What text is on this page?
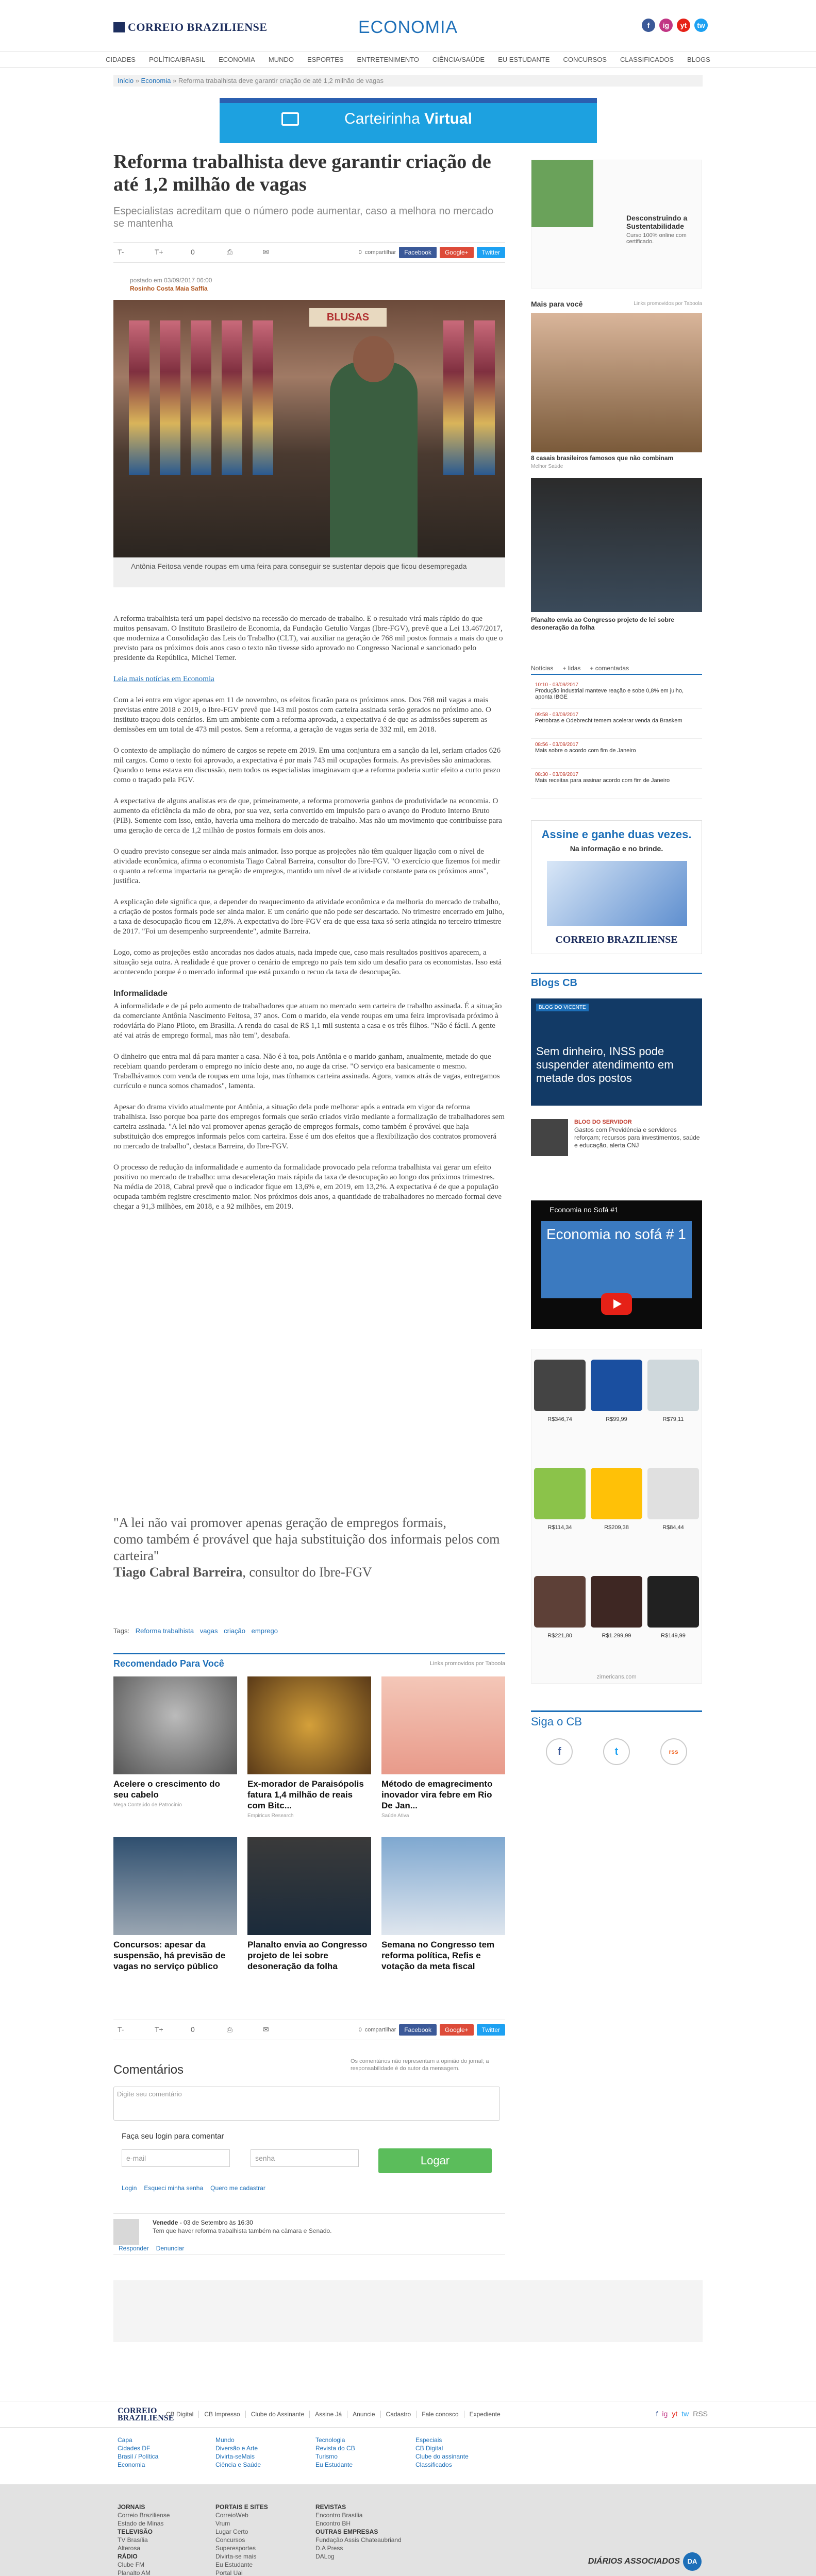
CORREIO BRAZILIENSE	ECONOMIA	f	ig	yt	tw
CIDADES POLÍTICA/BRASIL ECONOMIA MUNDO ESPORTES ENTRETENIMENTO CIÊNCIA/SAÚDE EU ESTUDANTE CONCURSOS CLASSIFICADOS BLOGS
Início » Economia » Reforma trabalhista deve garantir criação de até 1,2 milhão de vagas
Carteirinha Virtual
Reforma trabalhista deve garantir criação de até 1,2 milhão de vagas
Especialistas acreditam que o número pode aumentar, caso a melhora no mercado se mantenha
T-	T+	0	⎙	✉	0 compartilhar	Facebook	Google+	Twitter
postado em 03/09/2017 06:00
Rosinho Costa Maia Saffía
BLUSAS
Antônia Feitosa vende roupas em uma feira para conseguir se sustentar depois que ficou desempregada

A reforma trabalhista terá um papel decisivo na recessão do mercado de trabalho. E o resultado virá mais rápido do que muitos pensavam. O Instituto Brasileiro de Economia, da Fundação Getulio Vargas (Ibre-FGV), prevê que a Lei 13.467/2017, que moderniza a Consolidação das Leis do Trabalho (CLT), vai auxiliar na geração de 768 mil postos formais a mais do que o previsto para os próximos dois anos caso o texto não tivesse sido aprovado no Congresso Nacional e sancionado pelo presidente da República, Michel Temer.

Leia mais notícias em Economia

Com a lei entra em vigor apenas em 11 de novembro, os efeitos ficarão para os próximos anos. Dos 768 mil vagas a mais previstas entre 2018 e 2019, o Ibre-FGV prevê que 143 mil postos com carteira assinada serão gerados no próximo ano. O instituto traçou dois cenários. Em um ambiente com a reforma aprovada, a expectativa é de que as admissões superem as demissões em um total de 473 mil postos. Sem a reforma, a geração de vagas seria de 332 mil, em 2018.

O contexto de ampliação do número de cargos se repete em 2019. Em uma conjuntura em a sanção da lei, seriam criados 626 mil cargos. Como o texto foi aprovado, a expectativa é por mais 743 mil ocupações formais. As previsões são animadoras. Quando o tema estava em discussão, nem todos os especialistas imaginavam que a reforma poderia surtir efeito a curto prazo como o traçado pela FGV.

A expectativa de alguns analistas era de que, primeiramente, a reforma promoveria ganhos de produtividade na economia. O aumento da eficiência da mão de obra, por sua vez, seria convertido em impulsão para o avanço do Produto Interno Bruto (PIB). Somente com isso, então, haveria uma melhora do mercado de trabalho. Mas não um movimento que contribuísse para uma geração de cerca de 1,2 milhão de postos formais em dois anos.

O quadro previsto consegue ser ainda mais animador. Isso porque as projeções não têm qualquer ligação com o nível de atividade econômica, afirma o economista Tiago Cabral Barreira, consultor do Ibre-FGV. "O exercício que fizemos foi medir o quanto a reforma impactaria na geração de empregos, mantido um nível de atividade constante para os próximos anos", justifica.

A explicação dele significa que, a depender do reaquecimento da atividade econômica e da melhoria do mercado de trabalho, a criação de postos formais pode ser ainda maior. E um cenário que não pode ser descartado. No trimestre encerrado em julho, a taxa de desocupação ficou em 12,8%. A expectativa do Ibre-FGV era de que essa taxa só seria atingida no terceiro trimestre de 2017. "Foi um desempenho surpreendente", admite Barreira.

Logo, como as projeções estão ancoradas nos dados atuais, nada impede que, caso mais resultados positivos aparecem, a situação seja outra. A realidade é que prover o cenário de emprego no país tem sido um desafio para os economistas. Isso está acontecendo porque é o mercado informal que está puxando o recuo da taxa de desocupação.

Informalidade

A informalidade e de pá pelo aumento de trabalhadores que atuam no mercado sem carteira de trabalho assinada. É a situação da comerciante Antônia Nascimento Feitosa, 37 anos. Com o marido, ela vende roupas em uma feira improvisada próximo à rodoviária do Plano Piloto, em Brasília. A renda do casal de R$ 1,1 mil sustenta a casa e os três filhos. "Não é fácil. A gente até vai atrás de emprego formal, mas não tem", desabafa.

O dinheiro que entra mal dá para manter a casa. Não é à toa, pois Antônia e o marido ganham, anualmente, metade do que recebiam quando perderam o emprego no início deste ano, no auge da crise. "O serviço era basicamente o mesmo. Trabalhávamos com venda de roupas em uma loja, mas tínhamos carteira assinada. Agora, vamos atrás de vagas, entregamos currículo e nunca somos chamados", lamenta.

Apesar do drama vivido atualmente por Antônia, a situação dela pode melhorar após a entrada em vigor da reforma trabalhista. Isso porque boa parte dos empregos formais que serão criados virão mediante a formalização de trabalhadores sem carteira assinada. "A lei não vai promover apenas geração de empregos formais, como também é provável que haja substituição dos empregos informais pelos com carteira. Esse é um dos efeitos que a flexibilização dos contratos promoverá no mercado de trabalho", destaca Barreira, do Ibre-FGV.

O processo de redução da informalidade e aumento da formalidade provocado pela reforma trabalhista vai gerar um efeito positivo no mercado de trabalho: uma desaceleração mais rápida da taxa de desocupação ao longo dos próximos trimestres. Na média de 2018, Cabral prevê que o indicador fique em 13,6% e, em 2019, em 13,2%. A expectativa é de que a população ocupada também registre crescimento maior. Nos próximos dois anos, a quantidade de trabalhadores no mercado formal deve chegar a 91,3 milhões, em 2018, e a 92 milhões, em 2019.

"A lei não vai promover apenas geração de empregos formais,
como também é provável que haja substituição dos informais pelos com carteira"
Tiago Cabral Barreira, consultor do Ibre-FGV
Tags: Reforma trabalhista vagas criação emprego
Recomendado Para Você	Links promovidos por Taboola
Acelere o crescimento do seu cabelo
Mega Conteúdo de Patrocínio
Ex-morador de Paraisópolis fatura 1,4 milhão de reais com Bitc...
Empiricus Research
Método de emagrecimento inovador vira febre em Rio De Jan...
Saúde Ativa
Concursos: apesar da suspensão, há previsão de vagas no serviço público
Planalto envia ao Congresso projeto de lei sobre desoneração da folha
Semana no Congresso tem reforma política, Refis e votação da meta fiscal
T-	T+	0	⎙	✉	0 compartilhar	Facebook	Google+	Twitter
Comentários
Os comentários não representam a opinião do jornal; a responsabilidade é do autor da mensagem.
Digite seu comentário
Faça seu login para comentar
e-mail	senha	Logar
Login Esqueci minha senha Quero me cadastrar
Venedde - 03 de Setembro às 16:30
Tem que haver reforma trabalhista também na câmara e Senado.
Responder Denunciar
Desconstruindo a Sustentabilidade
Curso 100% online com certificado.
Mais para você	Links promovidos por Taboola
8 casais brasileiros famosos que não combinam
Melhor Saúde
Planalto envia ao Congresso projeto de lei sobre desoneração da folha
Notícias + lidas + comentadas
10:10 - 03/09/2017
Produção industrial manteve reação e sobe 0,8% em julho, aponta IBGE
09:58 - 03/09/2017
Petrobras e Odebrecht temem acelerar venda da Braskem
08:56 - 03/09/2017
Mais sobre o acordo com fim de Janeiro
08:30 - 03/09/2017
Mais receitas para assinar acordo com fim de Janeiro
Assine e ganhe duas vezes.
Na informação e no brinde.
CORREIO BRAZILIENSE
Blogs CB
BLOG DO VICENTE
Sem dinheiro, INSS pode suspender atendimento em metade dos postos
BLOG DO SERVIDOR
Gastos com Previdência e servidores reforçam; recursos para investimentos, saúde e educação, alerta CNJ
Economia no Sofá #1
Economia no sofá # 1
R$346,74	R$99,99	R$79,11
R$114,34	R$209,38	R$84,44
R$221,80	R$1.299,99	R$149,99
zirnericans.com
Siga o CB
f	t	rss
CORREIO BRAZILIENSE
CB Digital	CB Impresso	Clube do Assinante	Assine Já	Anuncie	Cadastro	Fale conosco	Expediente	f ig yt tw RSS
Capa
Cidades DF
Brasil / Política
Economia
Mundo
Diversão e Arte
Divirta-seMais
Ciência e Saúde
Tecnologia
Revista do CB
Turismo
Eu Estudante
Especiais
CB Digital
Clube do assinante
Classificados
JORNAIS
Correio Braziliense
Estado de Minas
TELEVISÃO
TV Brasília
Alterosa
RÁDIO
Clube FM
Planalto AM
PORTAIS E SITES
CorreioWeb
Vrum
Lugar Certo
Concursos
Superesportes
Divirta-se mais
Eu Estudante
Portal Uai
REVISTAS
Encontro Brasília
Encontro BH
OUTRAS EMPRESAS
Fundação Assis Chateaubriand
D.A Press
DALog
DIÁRIOS ASSOCIADOS DA
